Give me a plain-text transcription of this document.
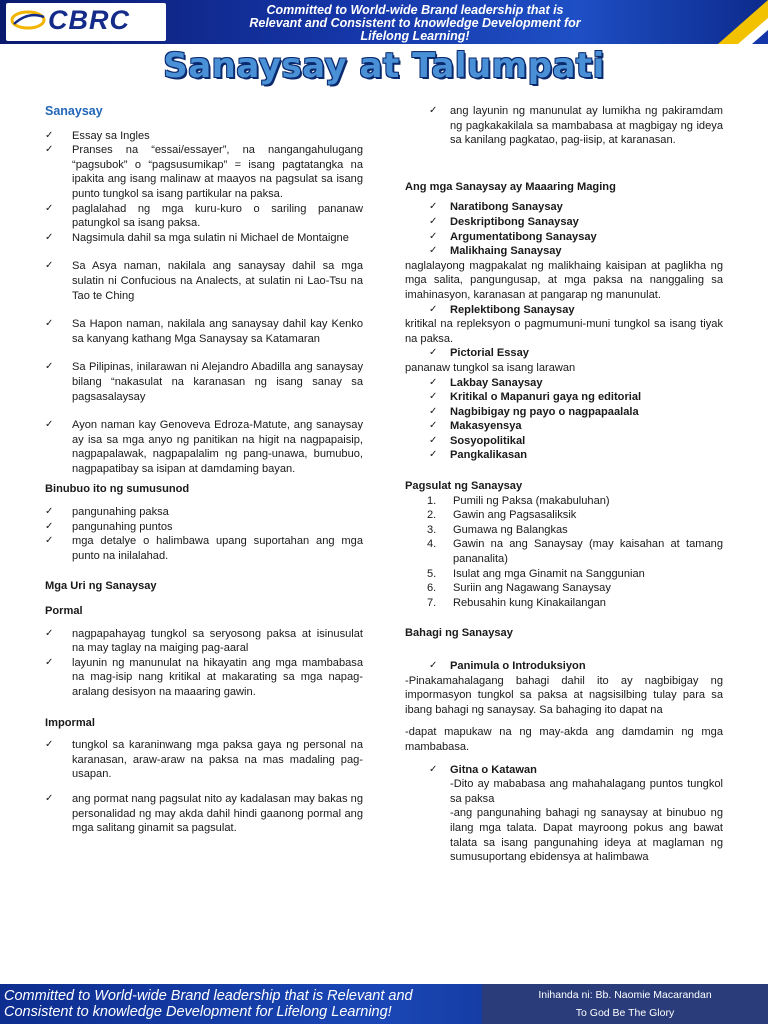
CBRC	Committed to World-wide Brand leadership that is
Relevant and Consistent to knowledge Development for
Lifelong Learning!
Sanaysay at Talumpati

Sanaysay

✓	Essay sa Ingles
✓	Pranses na “essai/essayer”, na nangangahulugang “pagsubok” o “pagsusumikap” = isang pagtatangka na ipakita ang isang malinaw at maayos na pagsulat sa isang punto tungkol sa isang partikular na paksa.
✓	paglalahad ng mga kuru-kuro o sariling pananaw patungkol sa isang paksa.
✓	Nagsimula dahil sa mga sulatin ni Michael de Montaigne
✓	Sa Asya naman, nakilala ang sanaysay dahil sa mga sulatin ni Confucious na Analects, at sulatin ni Lao-Tsu na Tao te Ching
✓	Sa Hapon naman, nakilala ang sanaysay dahil kay Kenko sa kanyang kathang Mga Sanaysay sa Katamaran
✓	Sa Pilipinas, inilarawan ni Alejandro Abadilla ang sanaysay bilang “nakasulat na karanasan ng isang sanay sa pagsasalaysay
✓	Ayon naman kay Genoveva Edroza-Matute, ang sanaysay ay isa sa mga anyo ng panitikan na higit na nagpapaisip, nagpapalawak, nagpapalalim ng pang-unawa, bumubuo, nagpapatibay sa isipan at damdaming bayan.

Binubuo ito ng sumusunod

✓	pangunahing paksa
✓	pangunahing puntos
✓	mga detalye o halimbawa upang suportahan ang mga punto na inilalahad.

Mga Uri ng Sanaysay

Pormal

✓	nagpapahayag tungkol sa seryosong paksa at isinusulat na may taglay na maiging pag-aaral
✓	layunin ng manunulat na hikayatin ang mga mambabasa na mag-isip nang kritikal at makarating sa mga napag-aralang desisyon na maaaring gawin.

Impormal

✓	tungkol sa karaninwang mga paksa gaya ng personal na karanasan, araw-araw na paksa na mas madaling pag-usapan.
✓	ang pormat nang pagsulat nito ay kadalasan may bakas ng personalidad ng may akda dahil hindi gaanong pormal ang mga salitang ginamit sa pagsulat.
✓	ang layunin ng manunulat ay lumikha ng pakiramdam ng pagkakakilala sa mambabasa at magbigay ng ideya sa kanilang pagkatao, pag-iisip, at karanasan.

Ang mga Sanaysay ay Maaaring Maging

✓	Naratibong Sanaysay
✓	Deskriptibong Sanaysay
✓	Argumentatibong Sanaysay
✓	Malikhaing Sanaysay

naglalayong magpakalat ng malikhaing kaisipan at paglikha ng mga salita, pangungusap, at mga paksa na nanggaling sa imahinasyon, karanasan at pangarap ng manunulat.

✓	Replektibong Sanaysay

kritikal na repleksyon o pagmumuni-muni tungkol sa isang tiyak na paksa.

✓	Pictorial Essay

pananaw tungkol sa isang larawan

✓	Lakbay Sanaysay
✓	Kritikal o Mapanuri gaya ng editorial
✓	Nagbibigay ng payo o nagpapaalala
✓	Makasyensya
✓	Sosyopolitikal
✓	Pangkalikasan

Pagsulat ng Sanaysay

1. Pumili ng Paksa (makabuluhan)
2. Gawin ang Pagsasaliksik
3. Gumawa ng Balangkas
4. Gawin na ang Sanaysay (may kaisahan at tamang pananalita)
5. Isulat ang mga Ginamit na Sanggunian
6. Suriin ang Nagawang Sanaysay
7. Rebusahin kung Kinakailangan

Bahagi ng Sanaysay

✓	Panimula o Introduksiyon

-Pinakamahalagang bahagi dahil ito ay nagbibigay ng impormasyon tungkol sa paksa at nagsisilbing tulay para sa ibang bahagi ng sanaysay. Sa bahaging ito dapat na

-dapat mapukaw na ng may-akda ang damdamin ng mga mambabasa.

✓	Gitna o Katawan

-Dito ay mababasa ang mahahalagang puntos tungkol sa paksa

-ang pangunahing bahagi ng sanaysay at binubuo ng ilang mga talata. Dapat mayroong pokus ang bawat talata sa isang pangunahing ideya at maglaman ng sumusuportang ebidensya at halimbawa

Committed to World-wide Brand leadership that is Relevant and
Consistent to knowledge Development for Lifelong Learning!
Inihanda ni: Bb. Naomie Macarandan
To God Be The Glory
